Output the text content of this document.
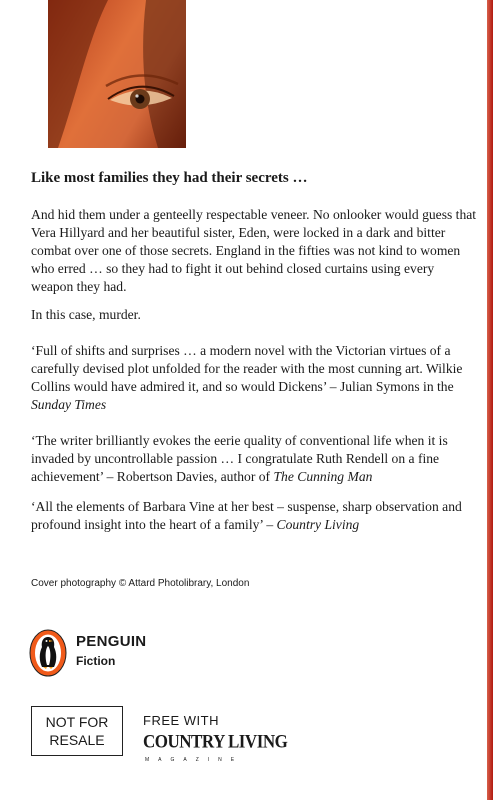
Like most families they had their secrets …

And hid them under a genteelly respectable veneer. No onlooker would guess that Vera Hillyard and her beautiful sister, Eden, were locked in a dark and bitter combat over one of those secrets. England in the fifties was not kind to women who erred … so they had to fight it out behind closed curtains using every weapon they had.

In this case, murder.

‘Full of shifts and surprises … a modern novel with the Victorian virtues of a carefully devised plot unfolded for the reader with the most cunning art. Wilkie Collins would have admired it, and so would Dickens’ – Julian Symons in the Sunday Times

‘The writer brilliantly evokes the eerie quality of conventional life when it is invaded by uncontrollable passion … I congratulate Ruth Rendell on a fine achievement’ – Robertson Davies, author of The Cunning Man

‘All the elements of Barbara Vine at her best – suspense, sharp observation and profound insight into the heart of a family’ – Country Living

Cover photography © Attard Photolibrary, London

PENGUIN
Fiction
NOT FOR
RESALE
FREE WITH
COUNTRY LIVING
MAGAZINE
